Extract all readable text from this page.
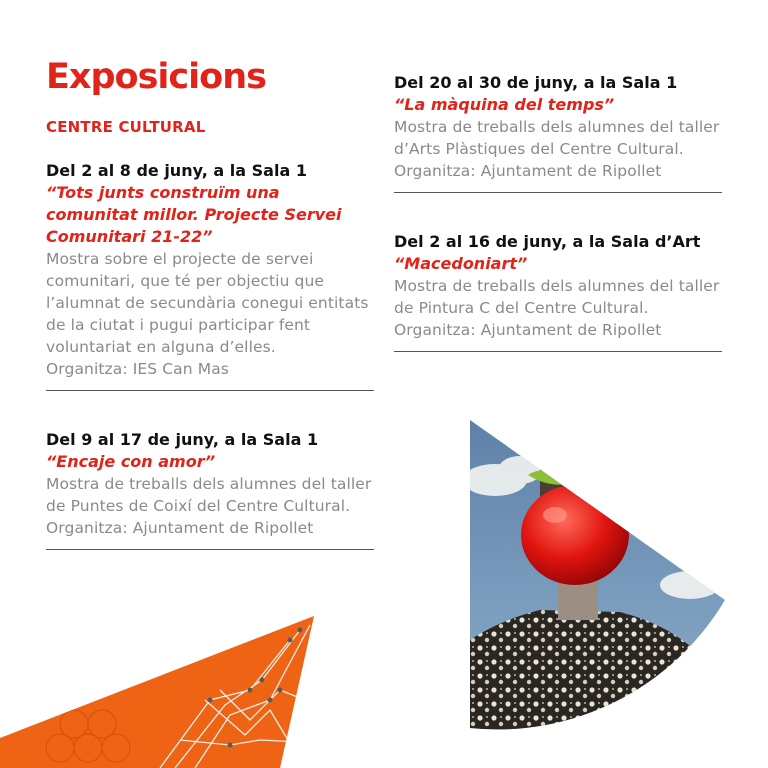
Exposicions
CENTRE CULTURAL
Del 2 al 8 de juny, a la Sala 1
“Tots junts construïm una comunitat millor. Projecte Servei Comunitari 21-22”
Mostra sobre el projecte de servei comunitari, que té per objectiu que l’alumnat de secundària conegui entitats de la ciutat i pugui participar fent voluntariat en alguna d’elles.
Organitza: IES Can Mas
Del 9 al 17 de juny, a la Sala 1
“Encaje con amor”
Mostra de treballs dels alumnes del taller de Puntes de Coixí del Centre Cultural.
Organitza: Ajuntament de Ripollet
Del 20 al 30 de juny, a la Sala 1
“La màquina del temps”
Mostra de treballs dels alumnes del taller d’Arts Plàstiques del Centre Cultural.
Organitza: Ajuntament de Ripollet
Del 2 al 16 de juny, a la Sala d’Art
“Macedoniart”
Mostra de treballs dels alumnes del taller de Pintura C del Centre Cultural.
Organitza: Ajuntament de Ripollet
